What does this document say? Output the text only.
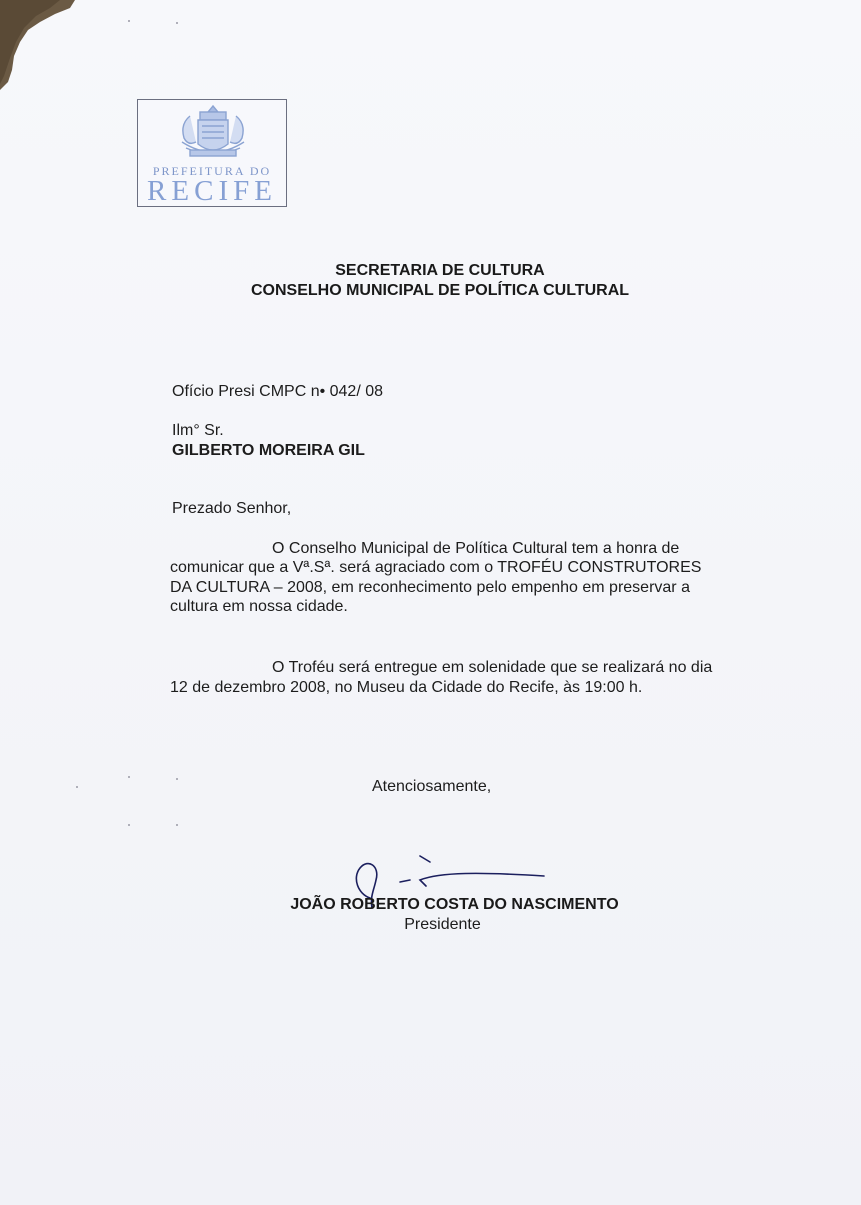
PREFEITURA DO
RECIFE
SECRETARIA DE CULTURA
CONSELHO MUNICIPAL DE POLÍTICA CULTURAL
Ofício Presi CMPC n• 042/ 08
Ilm° Sr.
GILBERTO MOREIRA GIL
Prezado Senhor,
O Conselho Municipal de Política Cultural tem a honra de
comunicar que a Vª.Sª. será agraciado com o TROFÉU CONSTRUTORES
DA CULTURA – 2008, em reconhecimento pelo empenho em preservar a
cultura em nossa cidade.
O Troféu será entregue em solenidade que se realizará no dia
12 de dezembro 2008, no Museu da Cidade do Recife, às 19:00 h.
Atenciosamente,
JOÃO ROBERTO COSTA DO NASCIMENTO
Presidente
